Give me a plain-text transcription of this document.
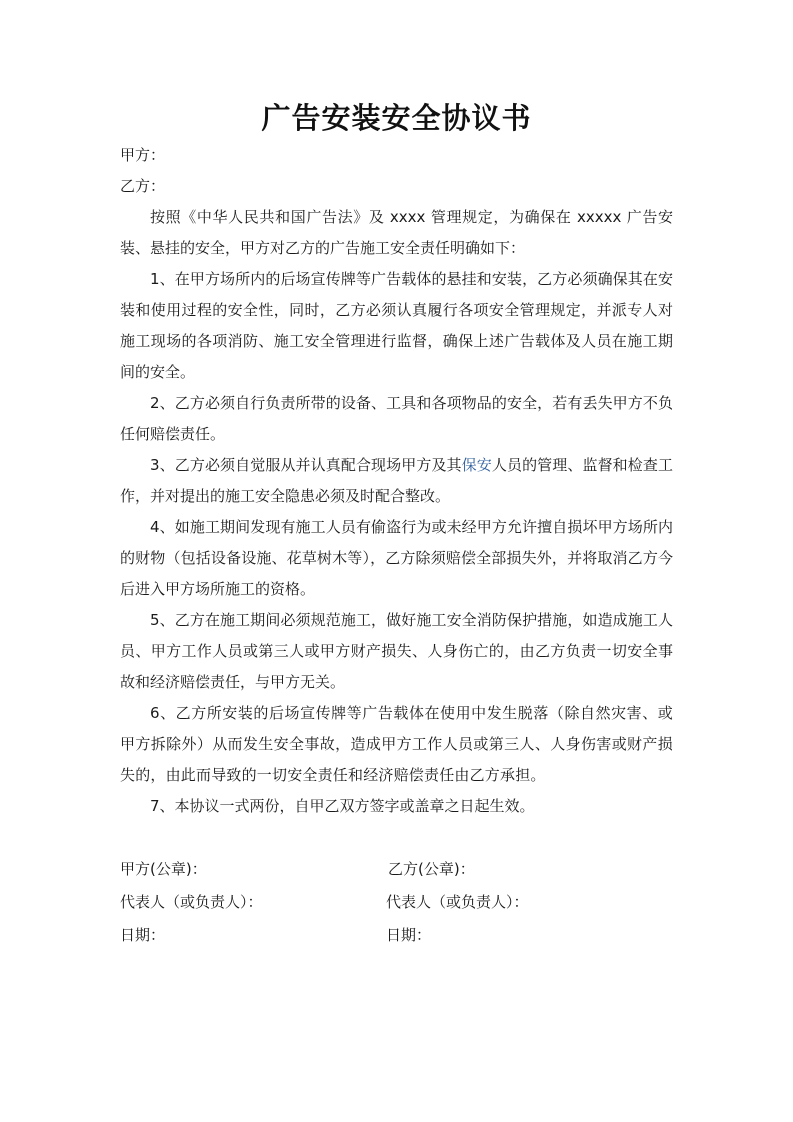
广告安装安全协议书

甲方：

乙方：

按照《中华人民共和国广告法》及 xxxx 管理规定，为确保在 xxxxx 广告安装、悬挂的安全，甲方对乙方的广告施工安全责任明确如下：

1、在甲方场所内的后场宣传牌等广告载体的悬挂和安装，乙方必须确保其在安装和使用过程的安全性，同时，乙方必须认真履行各项安全管理规定，并派专人对施工现场的各项消防、施工安全管理进行监督，确保上述广告载体及人员在施工期间的安全。

2、乙方必须自行负责所带的设备、工具和各项物品的安全，若有丢失甲方不负任何赔偿责任。

3、乙方必须自觉服从并认真配合现场甲方及其保安人员的管理、监督和检查工作，并对提出的施工安全隐患必须及时配合整改。

4、如施工期间发现有施工人员有偷盗行为或未经甲方允许擅自损坏甲方场所内的财物（包括设备设施、花草树木等），乙方除须赔偿全部损失外，并将取消乙方今后进入甲方场所施工的资格。

5、乙方在施工期间必须规范施工，做好施工安全消防保护措施，如造成施工人员、甲方工作人员或第三人或甲方财产损失、人身伤亡的，由乙方负责一切安全事故和经济赔偿责任，与甲方无关。

6、乙方所安装的后场宣传牌等广告载体在使用中发生脱落（除自然灾害、或甲方拆除外）从而发生安全事故，造成甲方工作人员或第三人、人身伤害或财产损失的，由此而导致的一切安全责任和经济赔偿责任由乙方承担。

7、本协议一式两份，自甲乙双方签字或盖章之日起生效。

甲方(公章)：	乙方(公章)：
代表人（或负责人）：	代表人（或负责人）：
日期：	日期：
